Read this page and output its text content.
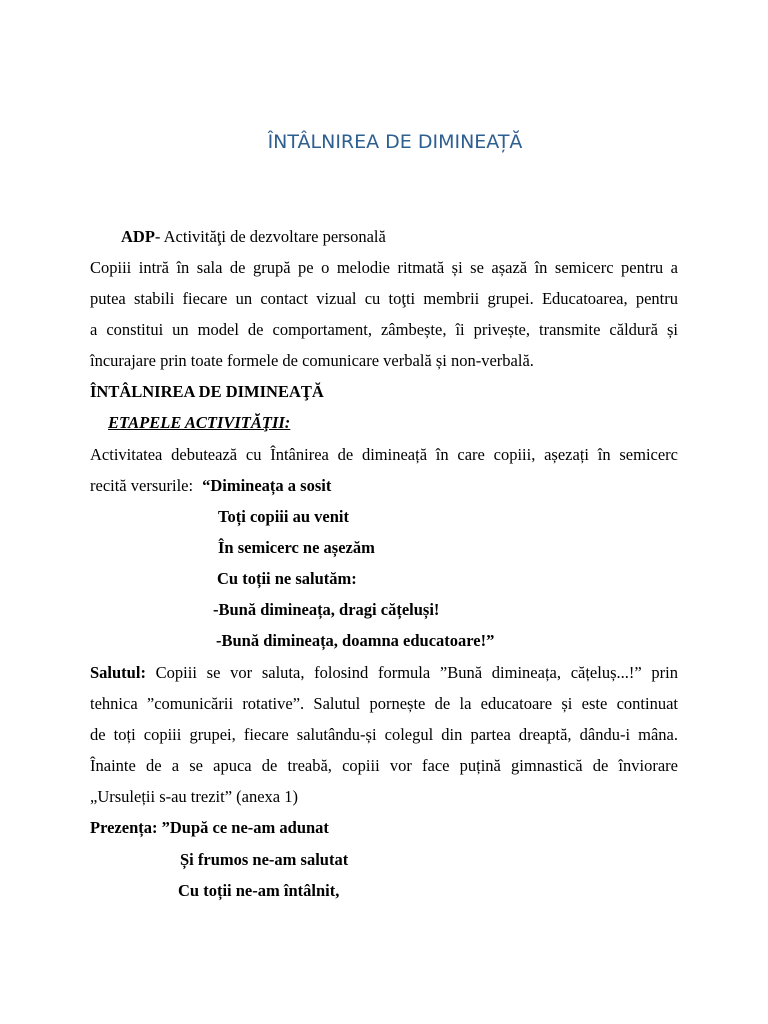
ÎNTÂLNIREA DE DIMINEAȚĂ
ADP- Activităţi de dezvoltare personală
Copiii intră în sala de grupă pe o melodie ritmată și se așază în semicerc pentru a
putea stabili fiecare un contact vizual cu toţti membrii grupei. Educatoarea, pentru
a constitui un model de comportament, zâmbește, îi privește, transmite căldură și
încurajare prin toate formele de comunicare verbală și non-verbală.
ÎNTÂLNIREA DE DIMINEAŢĂ
ETAPELE ACTIVITĂŢII:
Activitatea debutează cu Întânirea de dimineață în care copiii, așezați în semicerc
recită versurile: “Dimineața a sosit
Toți copiii au venit
În semicerc ne așezăm
Cu toții ne salutăm:
-Bună dimineața, dragi cățeluși!
-Bună dimineața, doamna educatoare!”
Salutul: Copiii se vor saluta, folosind formula ”Bună dimineața, cățeluș...!” prin
tehnica ”comunicării rotative”. Salutul pornește de la educatoare și este continuat
de toți copiii grupei, fiecare salutându-și colegul din partea dreaptă, dându-i mâna.
Înainte de a se apuca de treabă, copiii vor face puțină gimnastică de înviorare
„Ursuleții s-au trezit” (anexa 1)
Prezența: ”După ce ne-am adunat
Și frumos ne-am salutat
Cu toții ne-am întâlnit,
